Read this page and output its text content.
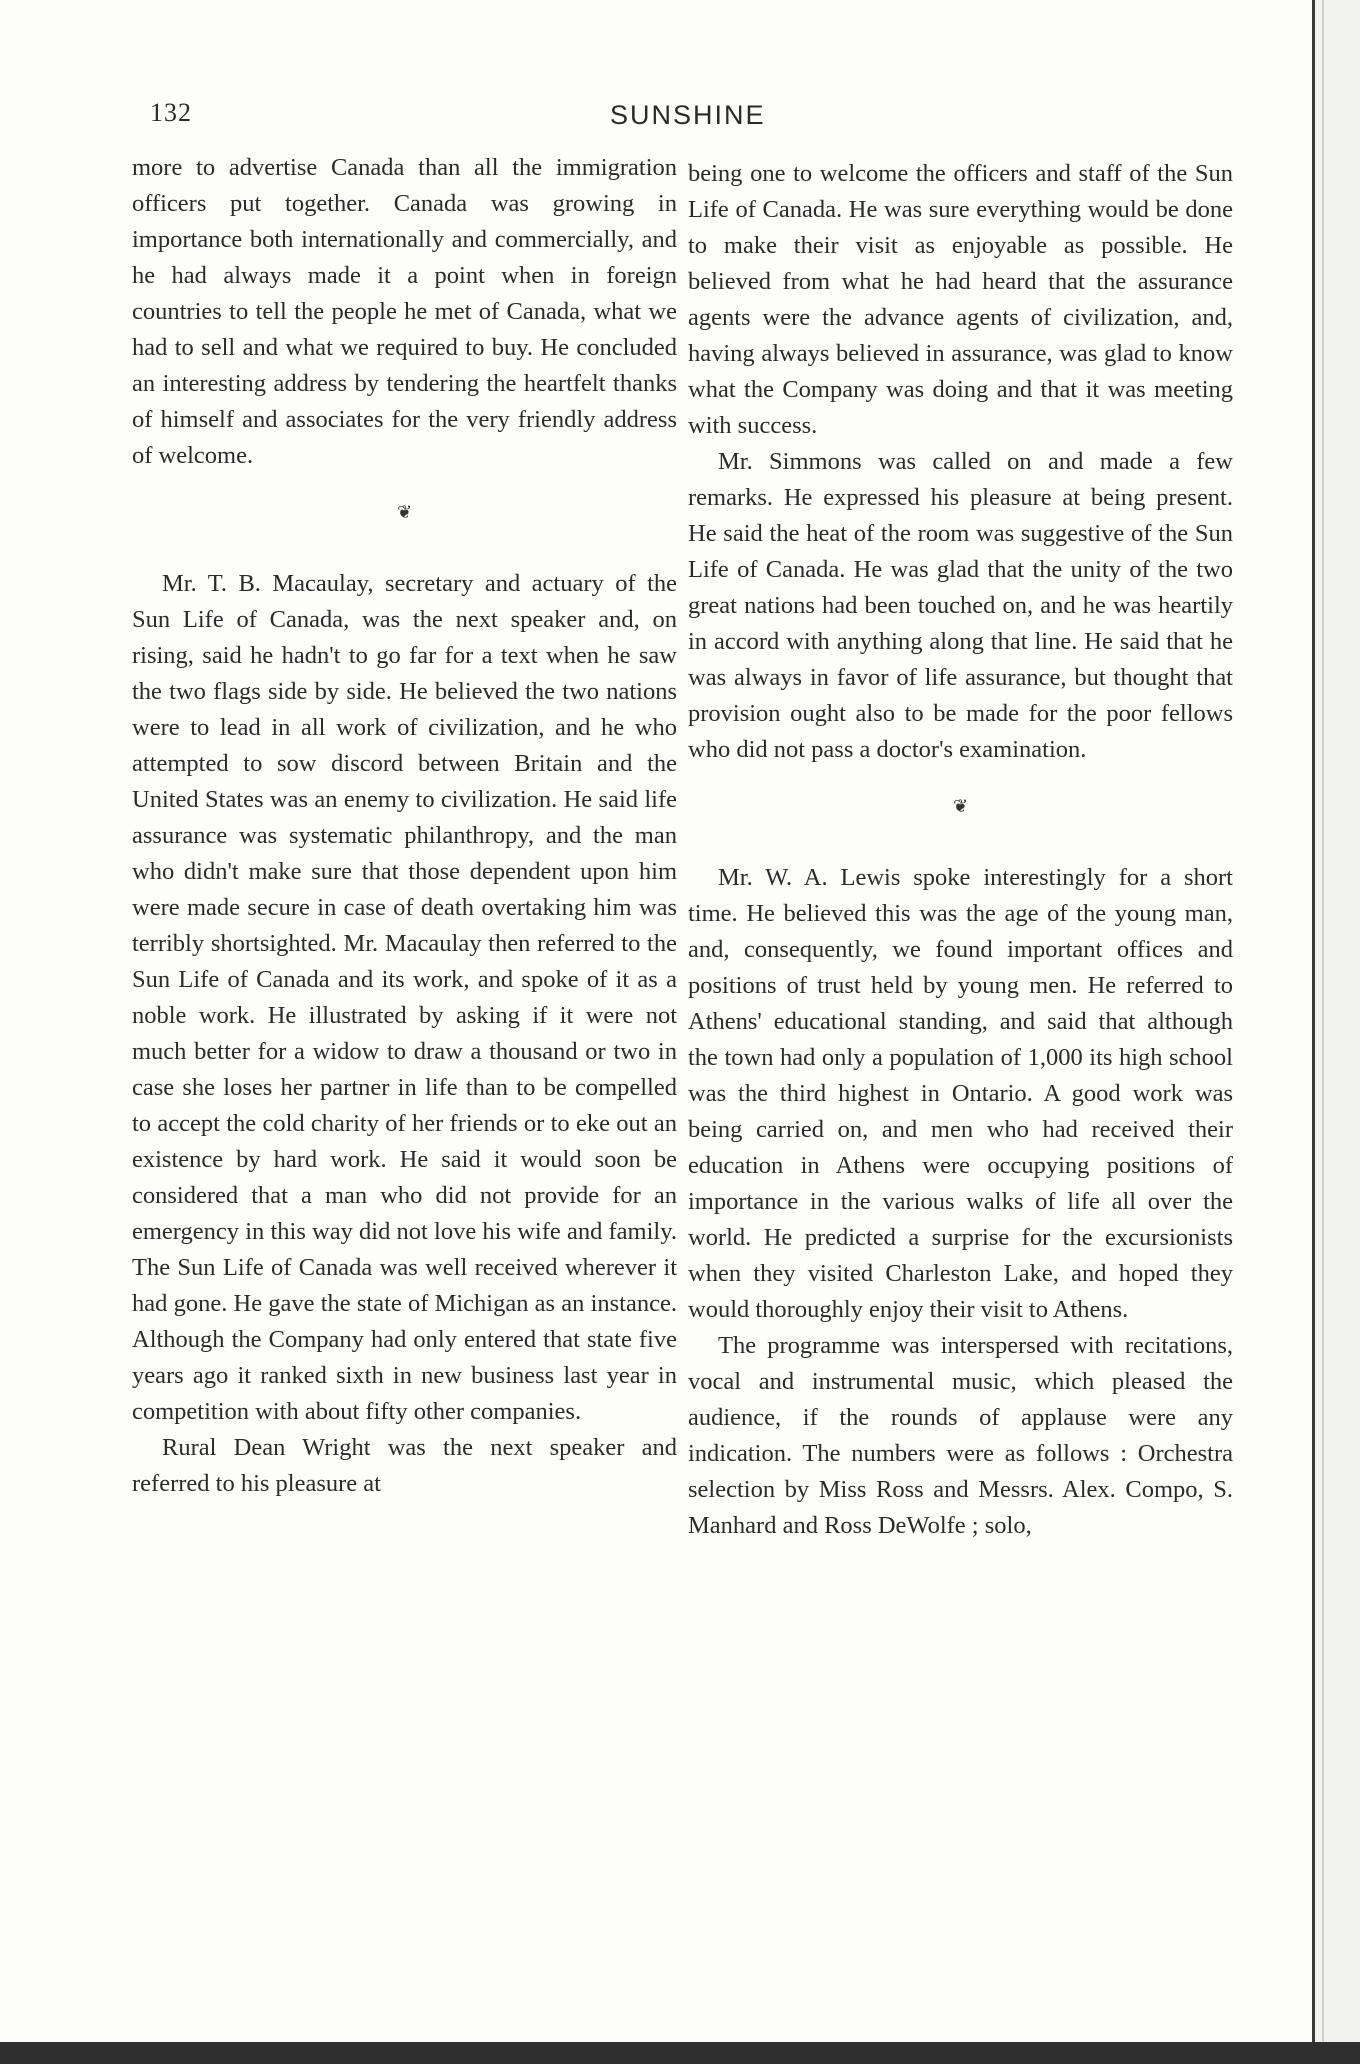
132	SUNSHINE

more to advertise Canada than all the immigration officers put together. Canada was growing in importance both internationally and commercially, and he had always made it a point when in foreign countries to tell the people he met of Canada, what we had to sell and what we required to buy. He concluded an interesting address by tendering the heartfelt thanks of himself and associates for the very friendly address of welcome.

❦

Mr. T. B. Macaulay, secretary and actuary of the Sun Life of Canada, was the next speaker and, on rising, said he hadn't to go far for a text when he saw the two flags side by side. He believed the two nations were to lead in all work of civilization, and he who attempted to sow discord between Britain and the United States was an enemy to civilization. He said life assurance was systematic philanthropy, and the man who didn't make sure that those dependent upon him were made secure in case of death overtaking him was terribly shortsighted. Mr. Macaulay then referred to the Sun Life of Canada and its work, and spoke of it as a noble work. He illustrated by asking if it were not much better for a widow to draw a thousand or two in case she loses her partner in life than to be compelled to accept the cold charity of her friends or to eke out an existence by hard work. He said it would soon be considered that a man who did not provide for an emergency in this way did not love his wife and family. The Sun Life of Canada was well received wherever it had gone. He gave the state of Michigan as an instance. Although the Company had only entered that state five years ago it ranked sixth in new business last year in competition with about fifty other companies.

Rural Dean Wright was the next speaker and referred to his pleasure at

being one to welcome the officers and staff of the Sun Life of Canada. He was sure everything would be done to make their visit as enjoyable as possible. He believed from what he had heard that the assurance agents were the advance agents of civilization, and, having always believed in assurance, was glad to know what the Company was doing and that it was meeting with success.

Mr. Simmons was called on and made a few remarks. He expressed his pleasure at being present. He said the heat of the room was suggestive of the Sun Life of Canada. He was glad that the unity of the two great nations had been touched on, and he was heartily in accord with anything along that line. He said that he was always in favor of life assurance, but thought that provision ought also to be made for the poor fellows who did not pass a doctor's examination.

❦

Mr. W. A. Lewis spoke interestingly for a short time. He believed this was the age of the young man, and, consequently, we found important offices and positions of trust held by young men. He referred to Athens' educational standing, and said that although the town had only a population of 1,000 its high school was the third highest in Ontario. A good work was being carried on, and men who had received their education in Athens were occupying positions of importance in the various walks of life all over the world. He predicted a surprise for the excursionists when they visited Charleston Lake, and hoped they would thoroughly enjoy their visit to Athens.

The programme was interspersed with recitations, vocal and instrumental music, which pleased the audience, if the rounds of applause were any indication. The numbers were as follows : Orchestra selection by Miss Ross and Messrs. Alex. Compo, S. Manhard and Ross DeWolfe ; solo,
